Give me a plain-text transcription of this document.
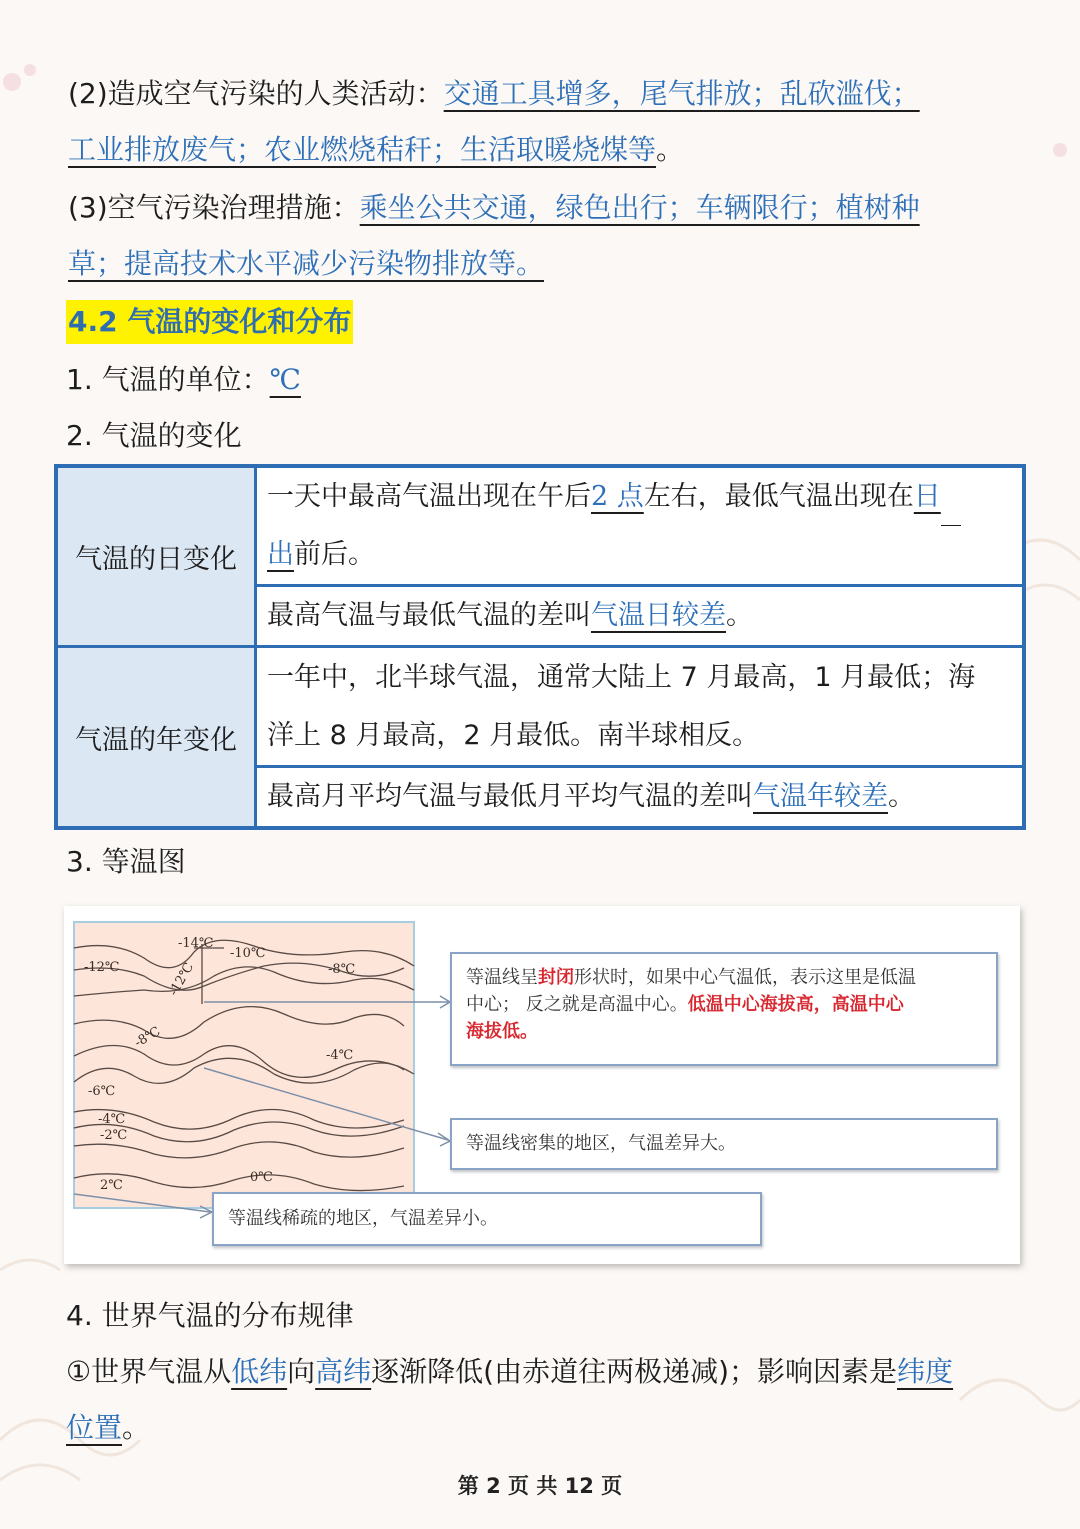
(2)造成空气污染的人类活动：交通工具增多，尾气排放；乱砍滥伐；
工业排放废气；农业燃烧秸秆；生活取暖烧煤等。
(3)空气污染治理措施：乘坐公共交通，绿色出行；车辆限行；植树种
草；提高技术水平减少污染物排放等。
4.2 气温的变化和分布
1. 气温的单位：℃
2. 气温的变化
气温的日变化	一天中最高气温出现在午后2 点左右，最低气温出现在日
出前后。
	最高气温与最低气温的差叫气温日较差。
气温的年变化	一年中，北半球气温，通常大陆上 7 月最高，1 月最低；海
洋上 8 月最高，2 月最低。南半球相反。
	最高月平均气温与最低月平均气温的差叫气温年较差。
3. 等温图
-14℃
-10℃
-12℃	-12℃	-8℃
-8℃
-4℃
-6℃
-4℃
-2℃
2℃
0℃
等温线呈封闭形状时，如果中心气温低，表示这里是低温
中心； 反之就是高温中心。低温中心海拔高，高温中心
海拔低。
等温线密集的地区，气温差异大。
等温线稀疏的地区，气温差异小。
4. 世界气温的分布规律
①世界气温从低纬向高纬逐渐降低(由赤道往两极递减)；影响因素是纬度
位置。
第 2 页 共 12 页
